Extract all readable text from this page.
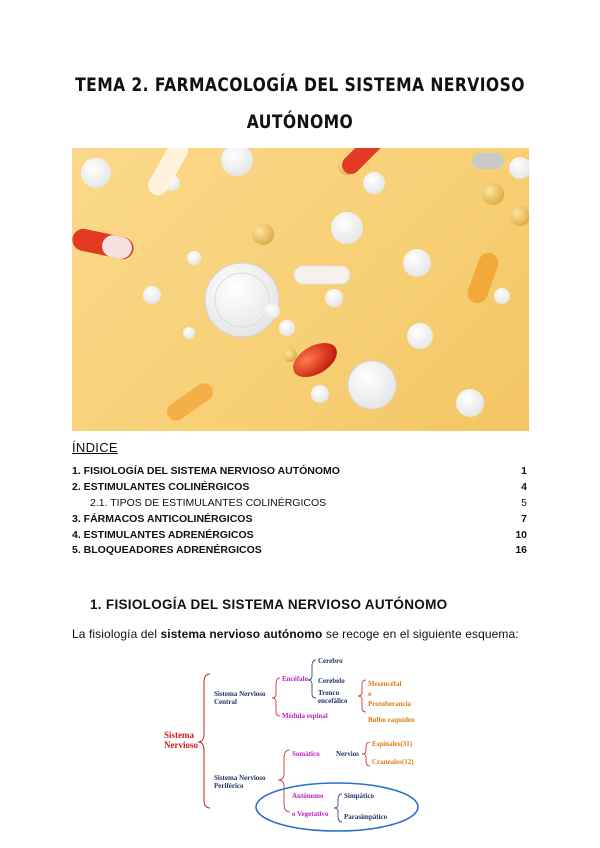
TEMA 2. FARMACOLOGÍA DEL SISTEMA NERVIOSO
AUTÓNOMO
ÍNDICE
1. FISIOLOGÍA DEL SISTEMA NERVIOSO AUTÓNOMO	1
2. ESTIMULANTES COLINÉRGICOS	4
2.1. TIPOS DE ESTIMULANTES COLINÉRGICOS	5
3. FÁRMACOS ANTICOLINÉRGICOS	7
4. ESTIMULANTES ADRENÉRGICOS	10
5. BLOQUEADORES ADRENÉRGICOS	16
1. FISIOLOGÍA DEL SISTEMA NERVIOSO AUTÓNOMO
La fisiología del sistema nervioso autónomo se recoge en el siguiente esquema:
Sistema
Nervioso
Sistema Nervioso
Central
Encéfalo
Cerebro
Cerebelo
Tronco
encefálico
Mesencéfal
o
Protuberancia
Bulbo raquídeo
Médula espinal
Sistema Nervioso
Periférico
Somático Nervios
Espinales(31)
Craneales(12)
Autónomo
o Vegetativo
Simpático
Parasimpático
